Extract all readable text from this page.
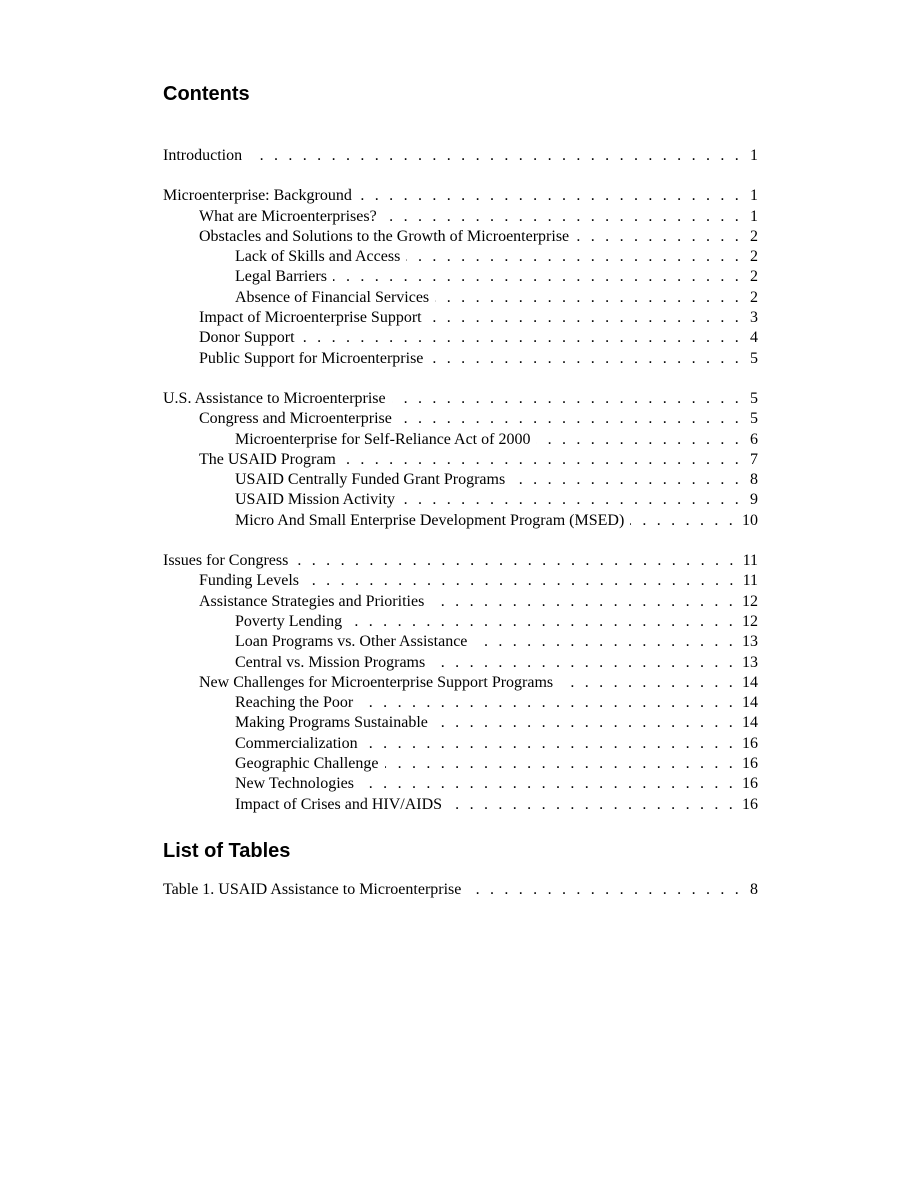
Contents
Introduction . . .	1
Microenterprise: Background . . .	1
What are Microenterprises? . . .	1
Obstacles and Solutions to the Growth of Microenterprise . . .	2
Lack of Skills and Access . . .	2
Legal Barriers . . .	2
Absence of Financial Services . . .	2
Impact of Microenterprise Support . . .	3
Donor Support . . .	4
Public Support for Microenterprise . . .	5
U.S. Assistance to Microenterprise . . .	5
Congress and Microenterprise . . .	5
Microenterprise for Self-Reliance Act of 2000 . . .	6
The USAID Program . . .	7
USAID Centrally Funded Grant Programs . . .	8
USAID Mission Activity . . .	9
Micro And Small Enterprise Development Program (MSED) . . .	10
Issues for Congress . . .	11
Funding Levels . . .	11
Assistance Strategies and Priorities . . .	12
Poverty Lending . . .	12
Loan Programs vs. Other Assistance . . .	13
Central vs. Mission Programs . . .	13
New Challenges for Microenterprise Support Programs . . .	14
Reaching the Poor . . .	14
Making Programs Sustainable . . .	14
Commercialization . . .	16
Geographic Challenge . . .	16
New Technologies . . .	16
Impact of Crises and HIV/AIDS . . .	16
List of Tables
Table 1. USAID Assistance to Microenterprise . . .	8
